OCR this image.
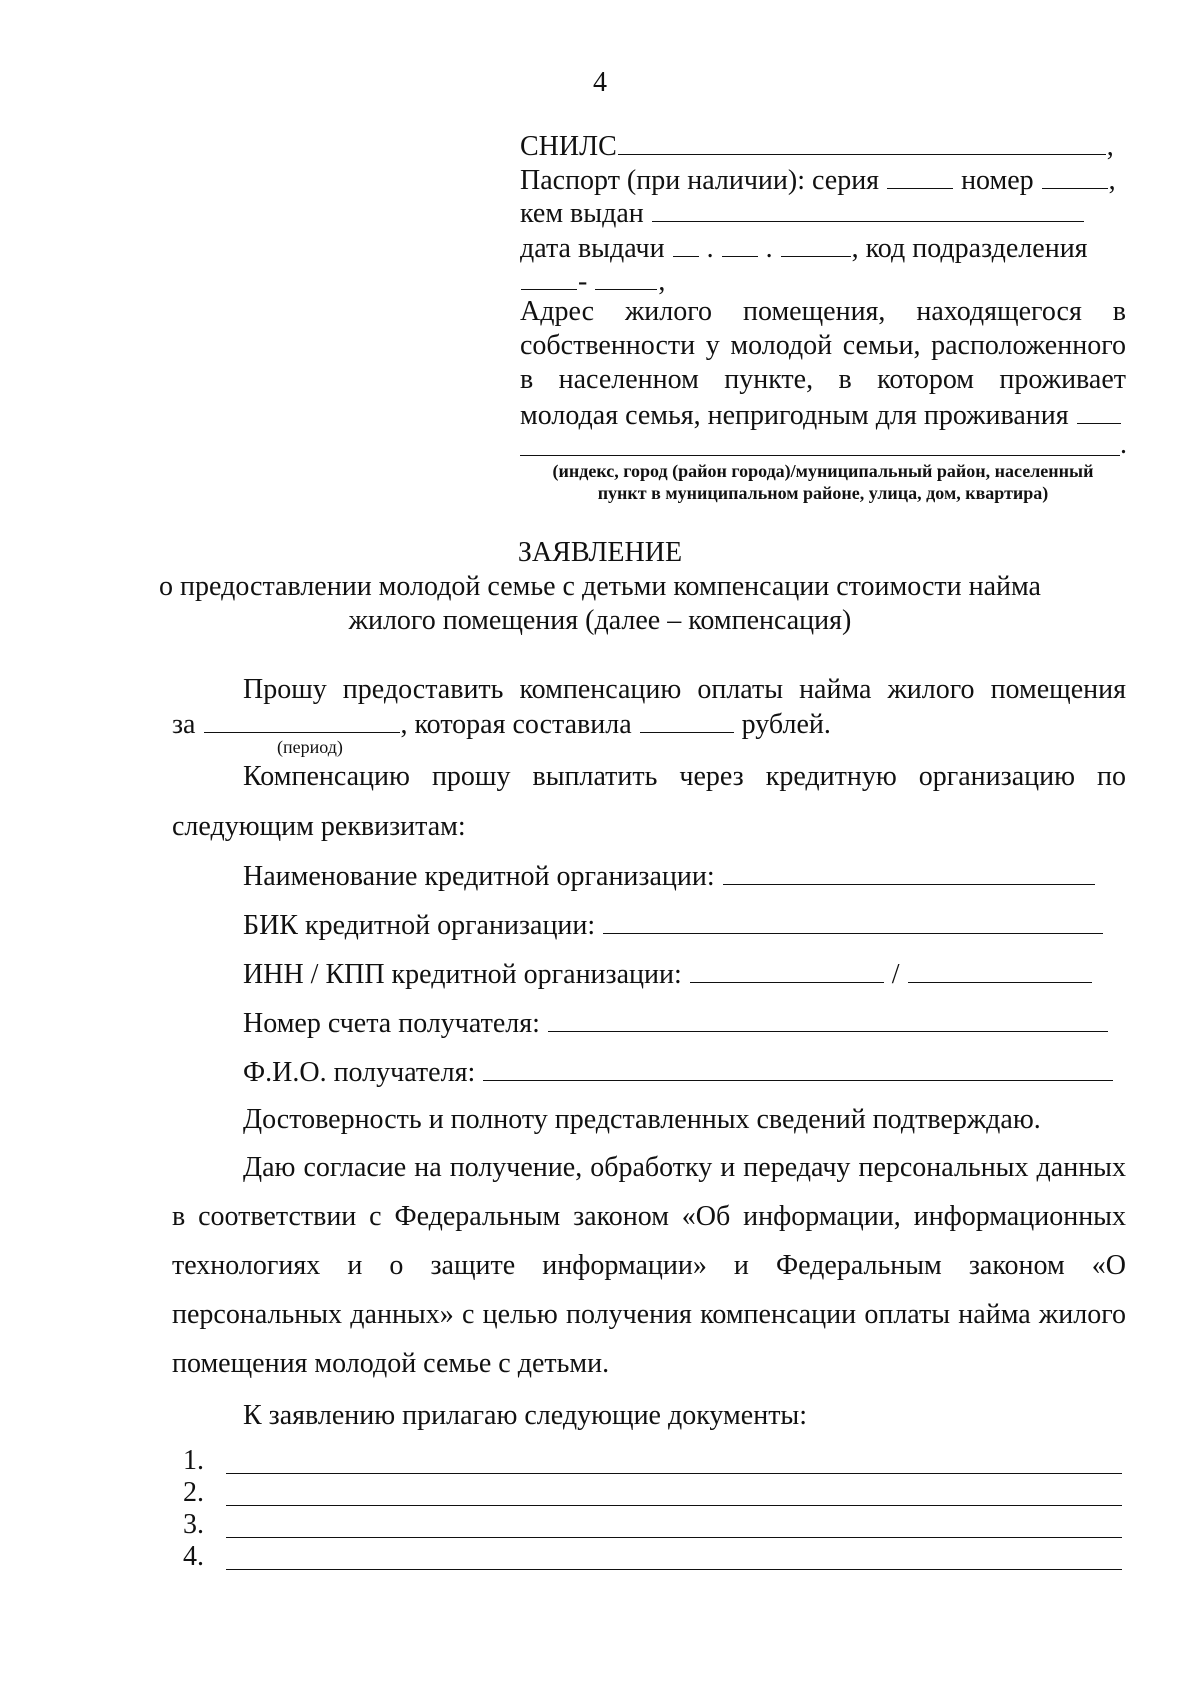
4
СНИЛС	,
Паспорт (при наличии): серия	номер	,
кем выдан
дата выдачи  .  .	, код подразделения
- ,
Адрес жилого помещения, находящегося в
собственности у молодой семьи, расположенного
в населенном пункте, в котором проживает
молодая семья, непригодным для проживания
.
(индекс, город (район города)/муниципальный район, населенный
пункт в муниципальном районе, улица, дом, квартира)
ЗАЯВЛЕНИЕ
о предоставлении молодой семье с детьми компенсации стоимости найма
жилого помещения (далее – компенсация)
Прошу предоставить компенсацию оплаты найма жилого помещения
за	, которая составила	рублей.
(период)
Компенсацию прошу выплатить через кредитную организацию по
следующим реквизитам:
Наименование кредитной организации:
БИК кредитной организации:
ИНН / КПП кредитной организации:	/
Номер счета получателя:
Ф.И.О. получателя:
Достоверность и полноту представленных сведений подтверждаю.
Даю согласие на получение, обработку и передачу персональных данных
в соответствии с Федеральным законом «Об информации, информационных
технологиях и о защите информации» и Федеральным законом «О
персональных данных» с целью получения компенсации оплаты найма жилого
помещения молодой семье с детьми.
К заявлению прилагаю следующие документы:
1.
2.
3.
4.
